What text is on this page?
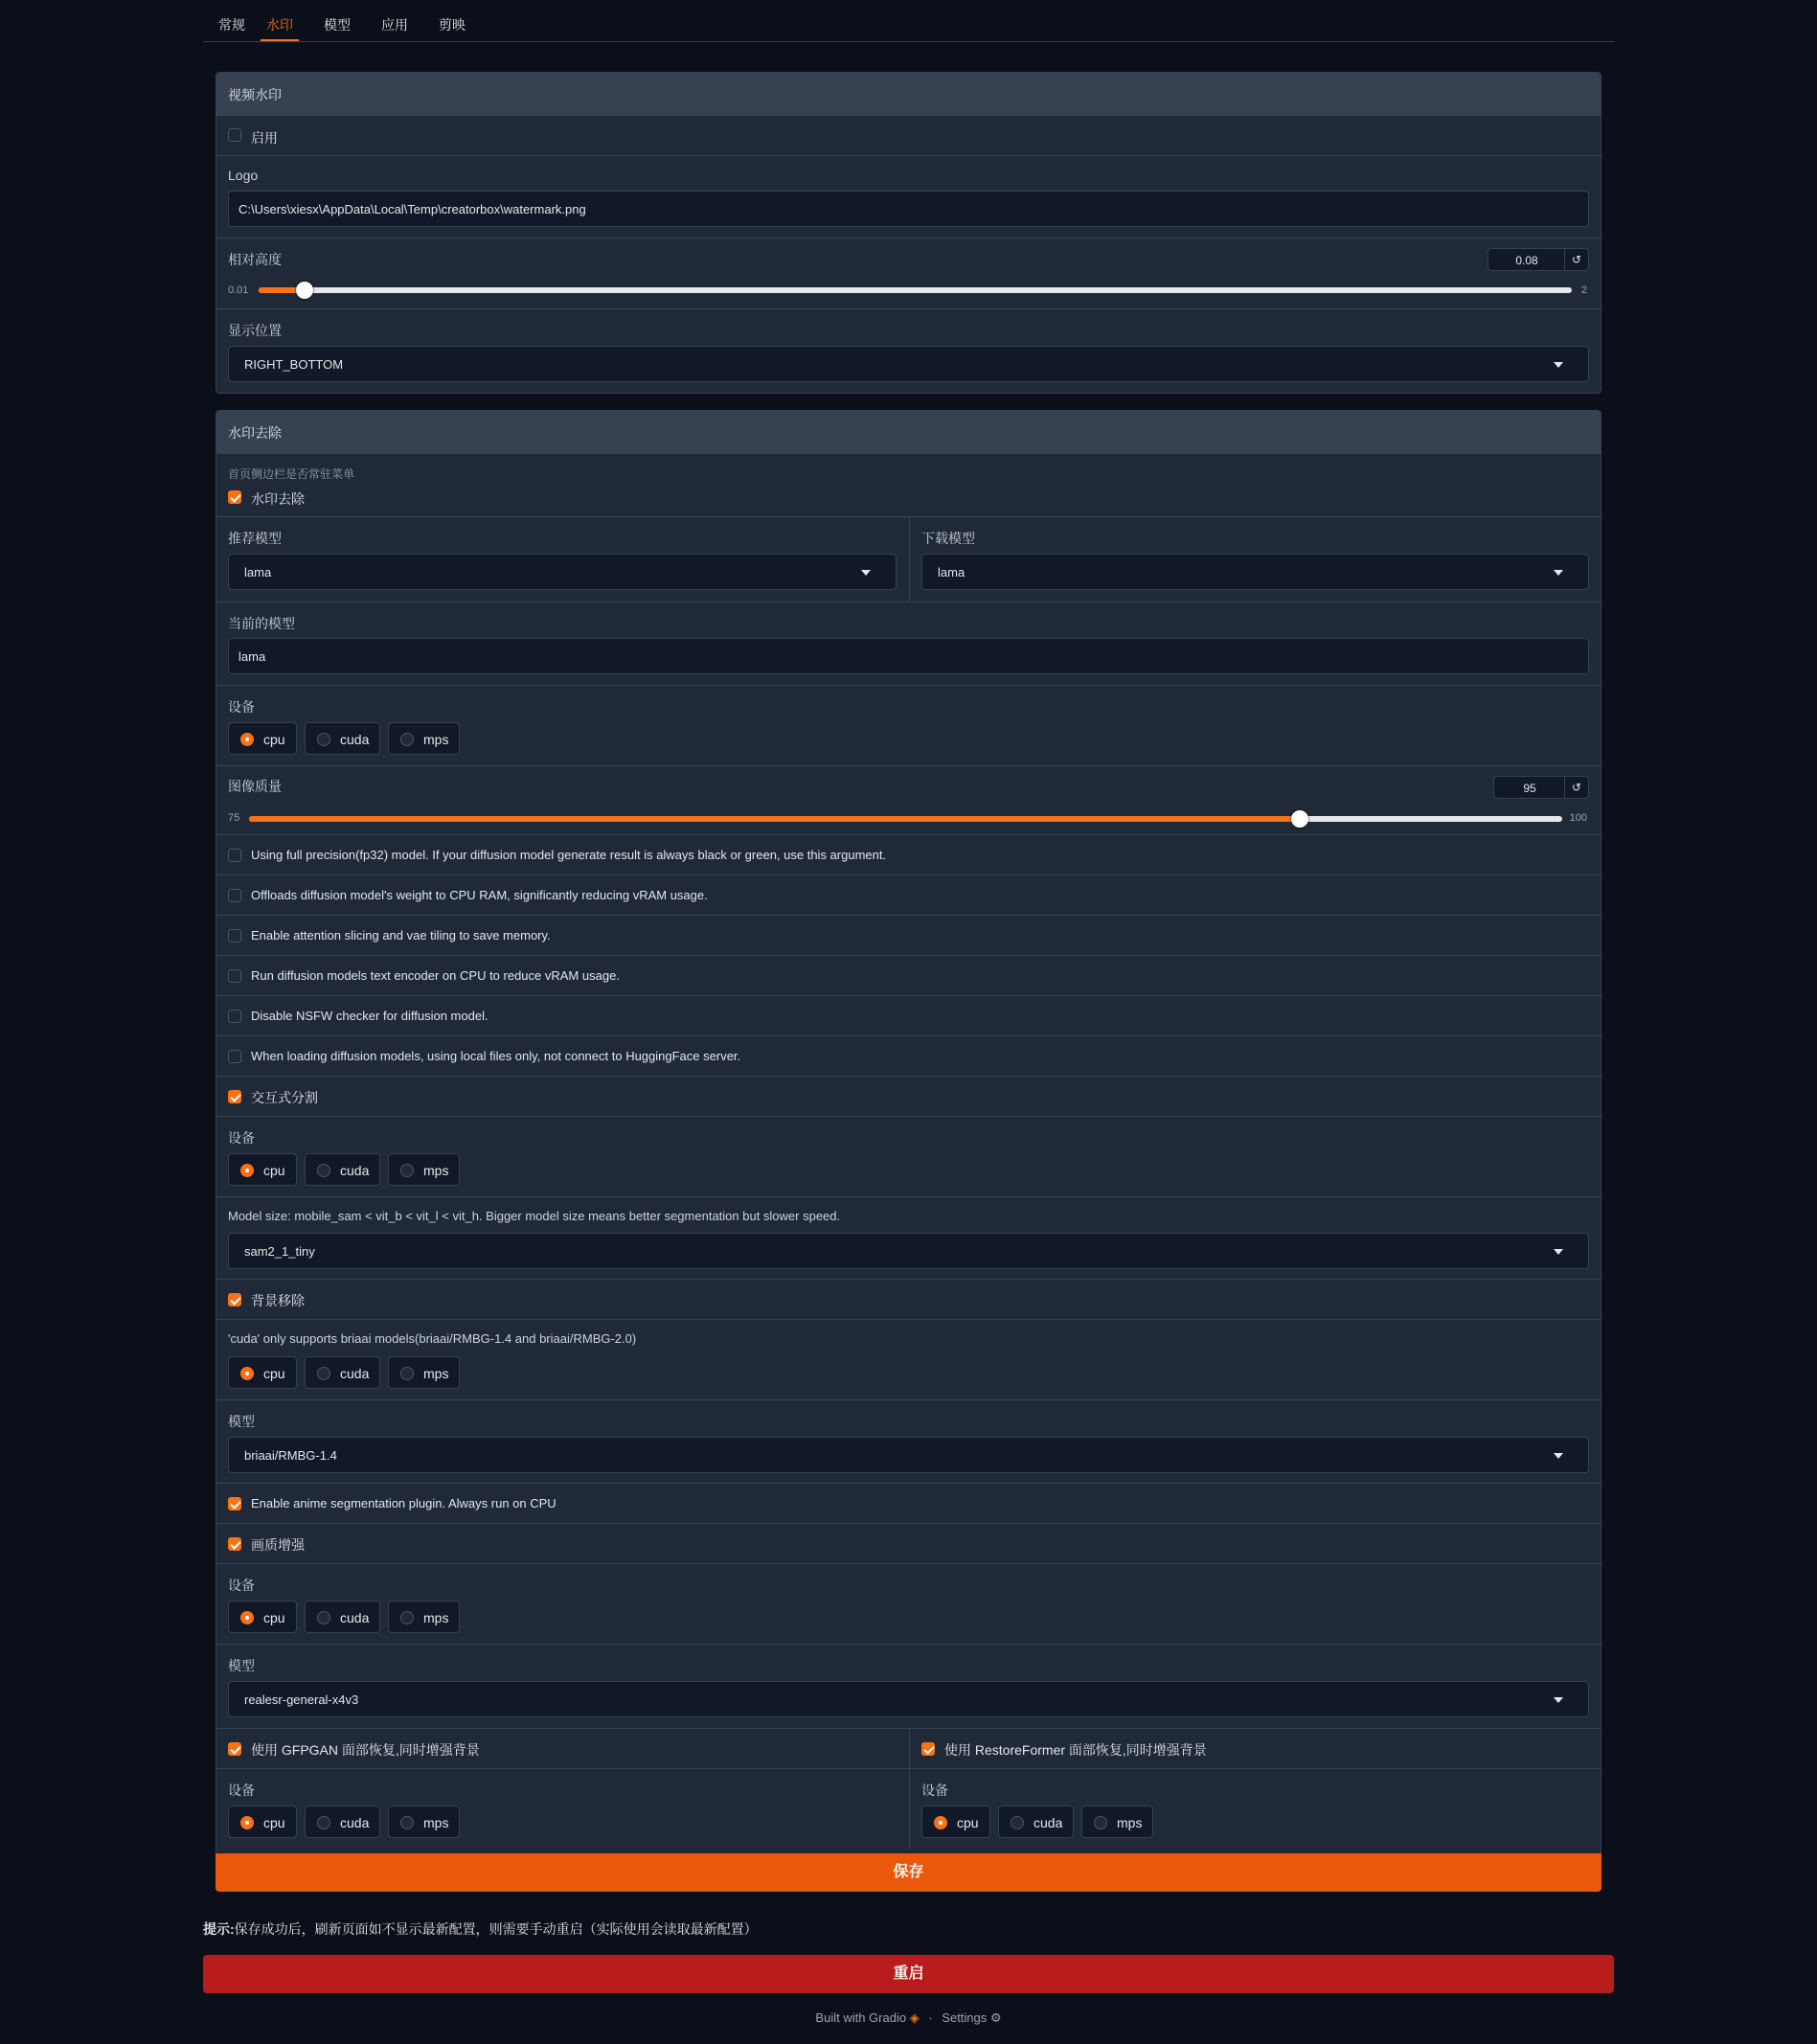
常规	水印	模型	应用	剪映
视频水印
启用
Logo
C:\Users\xiesx\AppData\Local\Temp\creatorbox\watermark.png
相对高度	0.08	↺
0.01	2
显示位置
RIGHT_BOTTOM
水印去除
首页侧边栏是否常驻菜单
水印去除
推荐模型
lama
下载模型
lama
当前的模型
lama
设备
cpu	cuda	mps
图像质量	95	↺
75	100
Using full precision(fp32) model. If your diffusion model generate result is always black or green, use this argument.
Offloads diffusion model's weight to CPU RAM, significantly reducing vRAM usage.
Enable attention slicing and vae tiling to save memory.
Run diffusion models text encoder on CPU to reduce vRAM usage.
Disable NSFW checker for diffusion model.
When loading diffusion models, using local files only, not connect to HuggingFace server.
交互式分割
设备
cpu	cuda	mps
Model size: mobile_sam < vit_b < vit_l < vit_h. Bigger model size means better segmentation but slower speed.
sam2_1_tiny
背景移除
'cuda' only supports briaai models(briaai/RMBG-1.4 and briaai/RMBG-2.0)
cpu	cuda	mps
模型
briaai/RMBG-1.4
Enable anime segmentation plugin. Always run on CPU
画质增强
设备
cpu	cuda	mps
模型
realesr-general-x4v3
使用 GFPGAN 面部恢复,同时增强背景	使用 RestoreFormer 面部恢复,同时增强背景
设备
cpu	cuda	mps
设备
cpu	cuda	mps
保存
提示:保存成功后，刷新页面如不显示最新配置，则需要手动重启（实际使用会读取最新配置）
重启
Built with Gradio ◈ · Settings ⚙
